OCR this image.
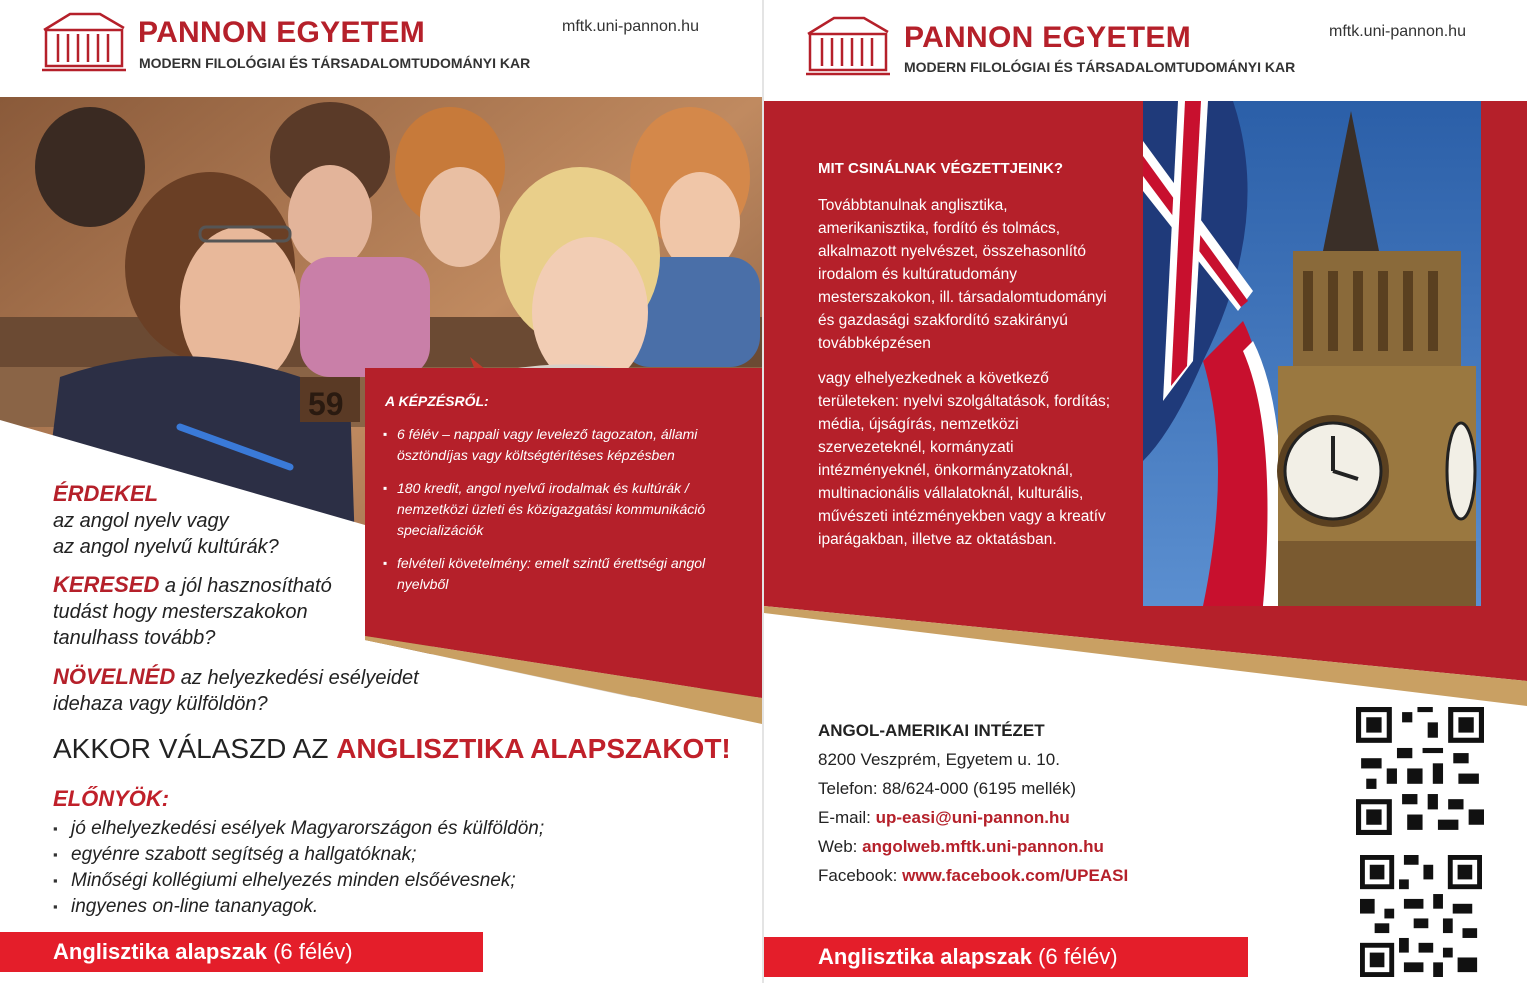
PANNON EGYETEM
MODERN FILOLÓGIAI ÉS TÁRSADALOMTUDOMÁNYI KAR
mftk.uni-pannon.hu
59	A KÉPZÉSRŐL:
▪ 6 félév – nappali vagy levelező tagozaton, állami ösztöndíjas vagy költségtérítéses képzésben
▪ 180 kredit, angol nyelvű irodalmak és kultúrák / nemzetközi üzleti és közigazgatási kommunikáció specializációk
▪ felvételi követelmény: emelt szintű érettségi angol nyelvből
ÉRDEKEL
az angol nyelv vagy
az angol nyelvű kultúrák?
KERESED a jól hasznosítható
tudást hogy mesterszakokon
tanulhass tovább?
NÖVELNÉD az helyezkedési esélyeidet
idehaza vagy külföldön?
AKKOR VÁLASZD AZ ANGLISZTIKA ALAPSZAKOT!
ELŐNYÖK:
▪ jó elhelyezkedési esélyek Magyarországon és külföldön;
▪ egyénre szabott segítség a hallgatóknak;
▪ Minőségi kollégiumi elhelyezés minden elsőévesnek;
▪ ingyenes on-line tananyagok.
Anglisztika alapszak (6 félév)
PANNON EGYETEM
MODERN FILOLÓGIAI ÉS TÁRSADALOMTUDOMÁNYI KAR
mftk.uni-pannon.hu
MIT CSINÁLNAK VÉGZETTJEINK?

Továbbtanulnak anglisztika, amerikanisztika, fordító és tolmács, alkalmazott nyelvészet, összehasonlító irodalom és kultúratudomány mesterszakokon, ill. társadalomtudományi és gazdasági szakfordító szakirányú továbbképzésen

vagy elhelyezkednek a következő területeken: nyelvi szolgáltatások, fordítás; média, újságírás, nemzetközi szervezeteknél, kormányzati intézményeknél, önkormányzatoknál, multinacionális vállalatoknál, kulturális, művészeti intézményekben vagy a kreatív iparágakban, illetve az oktatásban.

ANGOL-AMERIKAI INTÉZET
8200 Veszprém, Egyetem u. 10.
Telefon: 88/624-000 (6195 mellék)
E-mail: up-easi@uni-pannon.hu
Web: angolweb.mftk.uni-pannon.hu
Facebook: www.facebook.com/UPEASI
Anglisztika alapszak (6 félév)
